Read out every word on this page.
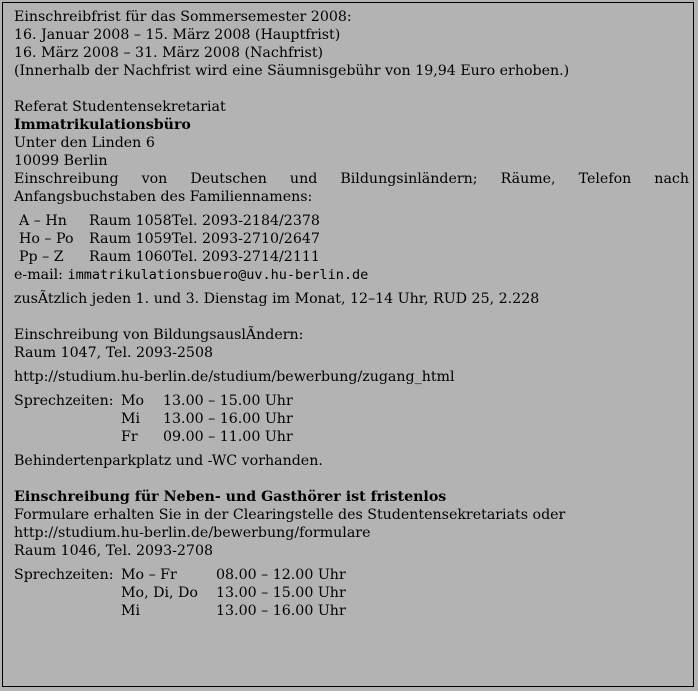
Einschreibfrist für das Sommersemester 2008:
16. Januar 2008 – 15. März 2008 (Hauptfrist)
16. März 2008 – 31. März 2008 (Nachfrist)
(Innerhalb der Nachfrist wird eine Säumnisgebühr von 19,94 Euro erhoben.)
Referat Studentensekretariat
Immatrikulationsbüro
Unter den Linden 6
10099 Berlin
Einschreibung von Deutschen und Bildungsinländern; Räume, Telefon nach Anfangsbuchstaben des Familiennamens:
A – Hn	Raum 1058	Tel. 2093-2184/2378
Ho – Po	Raum 1059	Tel. 2093-2710/2647
Pp – Z	Raum 1060	Tel. 2093-2714/2111
e-mail: immatrikulationsbuero@uv.hu-berlin.de
zusÃtzlich jeden 1. und 3. Dienstag im Monat, 12–14 Uhr, RUD 25, 2.228
Einschreibung von BildungsauslÃndern:
Raum 1047, Tel. 2093-2508
http://studium.hu-berlin.de/studium/bewerbung/zugang_html
Sprechzeiten:	Mo	13.00 – 15.00 Uhr
	Mi	13.00 – 16.00 Uhr
	Fr	09.00 – 11.00 Uhr
Behindertenparkplatz und -WC vorhanden.
Einschreibung für Neben- und Gasthörer ist fristenlos
Formulare erhalten Sie in der Clearingstelle des Studentensekretariats oder
http://studium.hu-berlin.de/bewerbung/formulare
Raum 1046, Tel. 2093-2708
Sprechzeiten:	Mo – Fr	08.00 – 12.00 Uhr
	Mo, Di, Do	13.00 – 15.00 Uhr
	Mi	13.00 – 16.00 Uhr
